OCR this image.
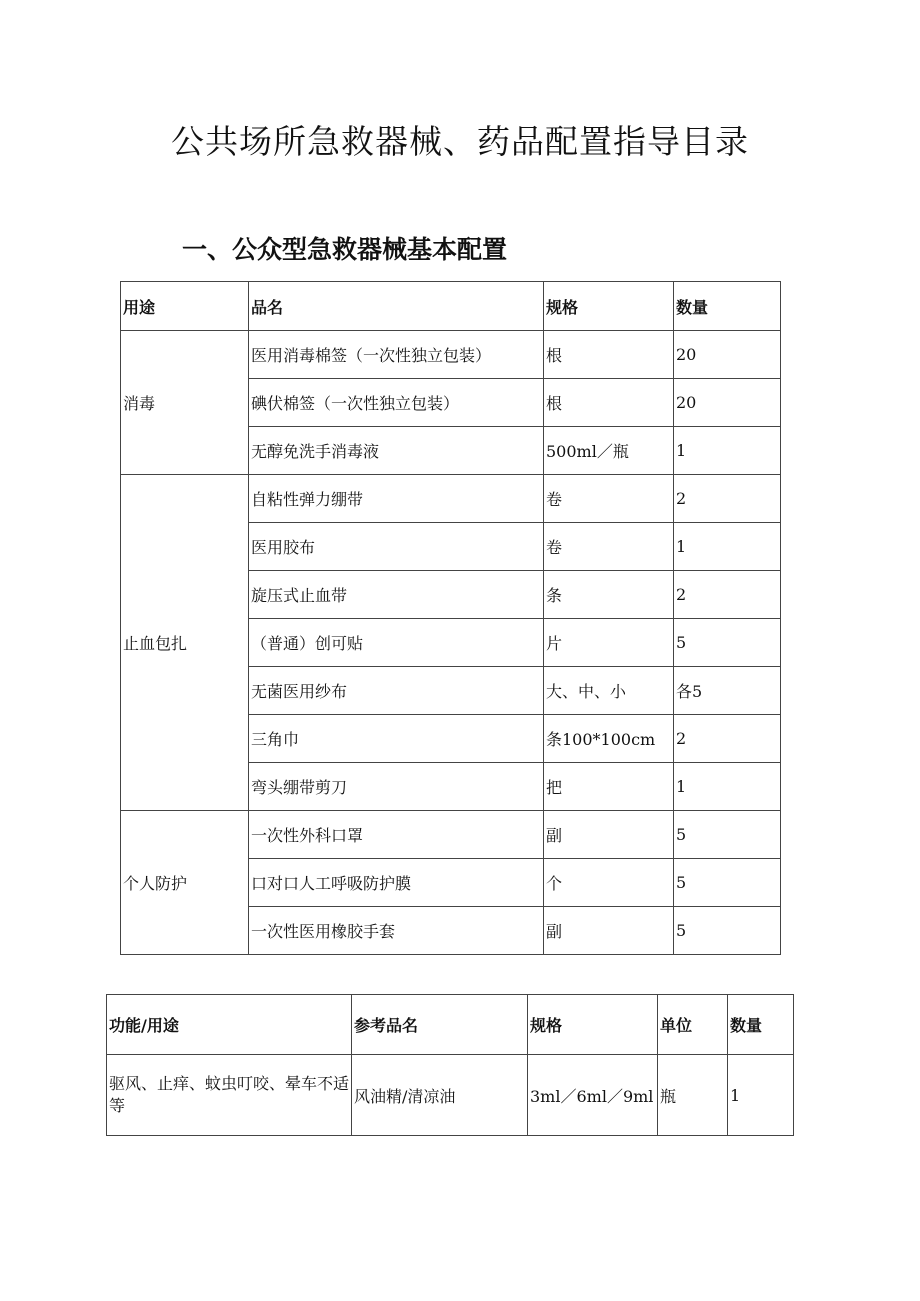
公共场所急救器械、药品配置指导目录
一、公众型急救器械基本配置
用途	品名	规格	数量
消毒	医用消毒棉签（一次性独立包装）	根	20
	碘伏棉签（一次性独立包装）	根	20
	无醇免洗手消毒液	500ml／瓶	1
止血包扎	自粘性弹力绷带	卷	2
	医用胶布	卷	1
	旋压式止血带	条	2
	（普通）创可贴	片	5
	无菌医用纱布	大、中、小	各5
	三角巾	条100*100cm	2
	弯头绷带剪刀	把	1
个人防护	一次性外科口罩	副	5
	口对口人工呼吸防护膜	个	5
	一次性医用橡胶手套	副	5
功能/用途	参考品名	规格	单位	数量
驱风、止痒、蚊虫叮咬、晕车不适等	风油精/清凉油	3ml／6ml／9ml	瓶	1
